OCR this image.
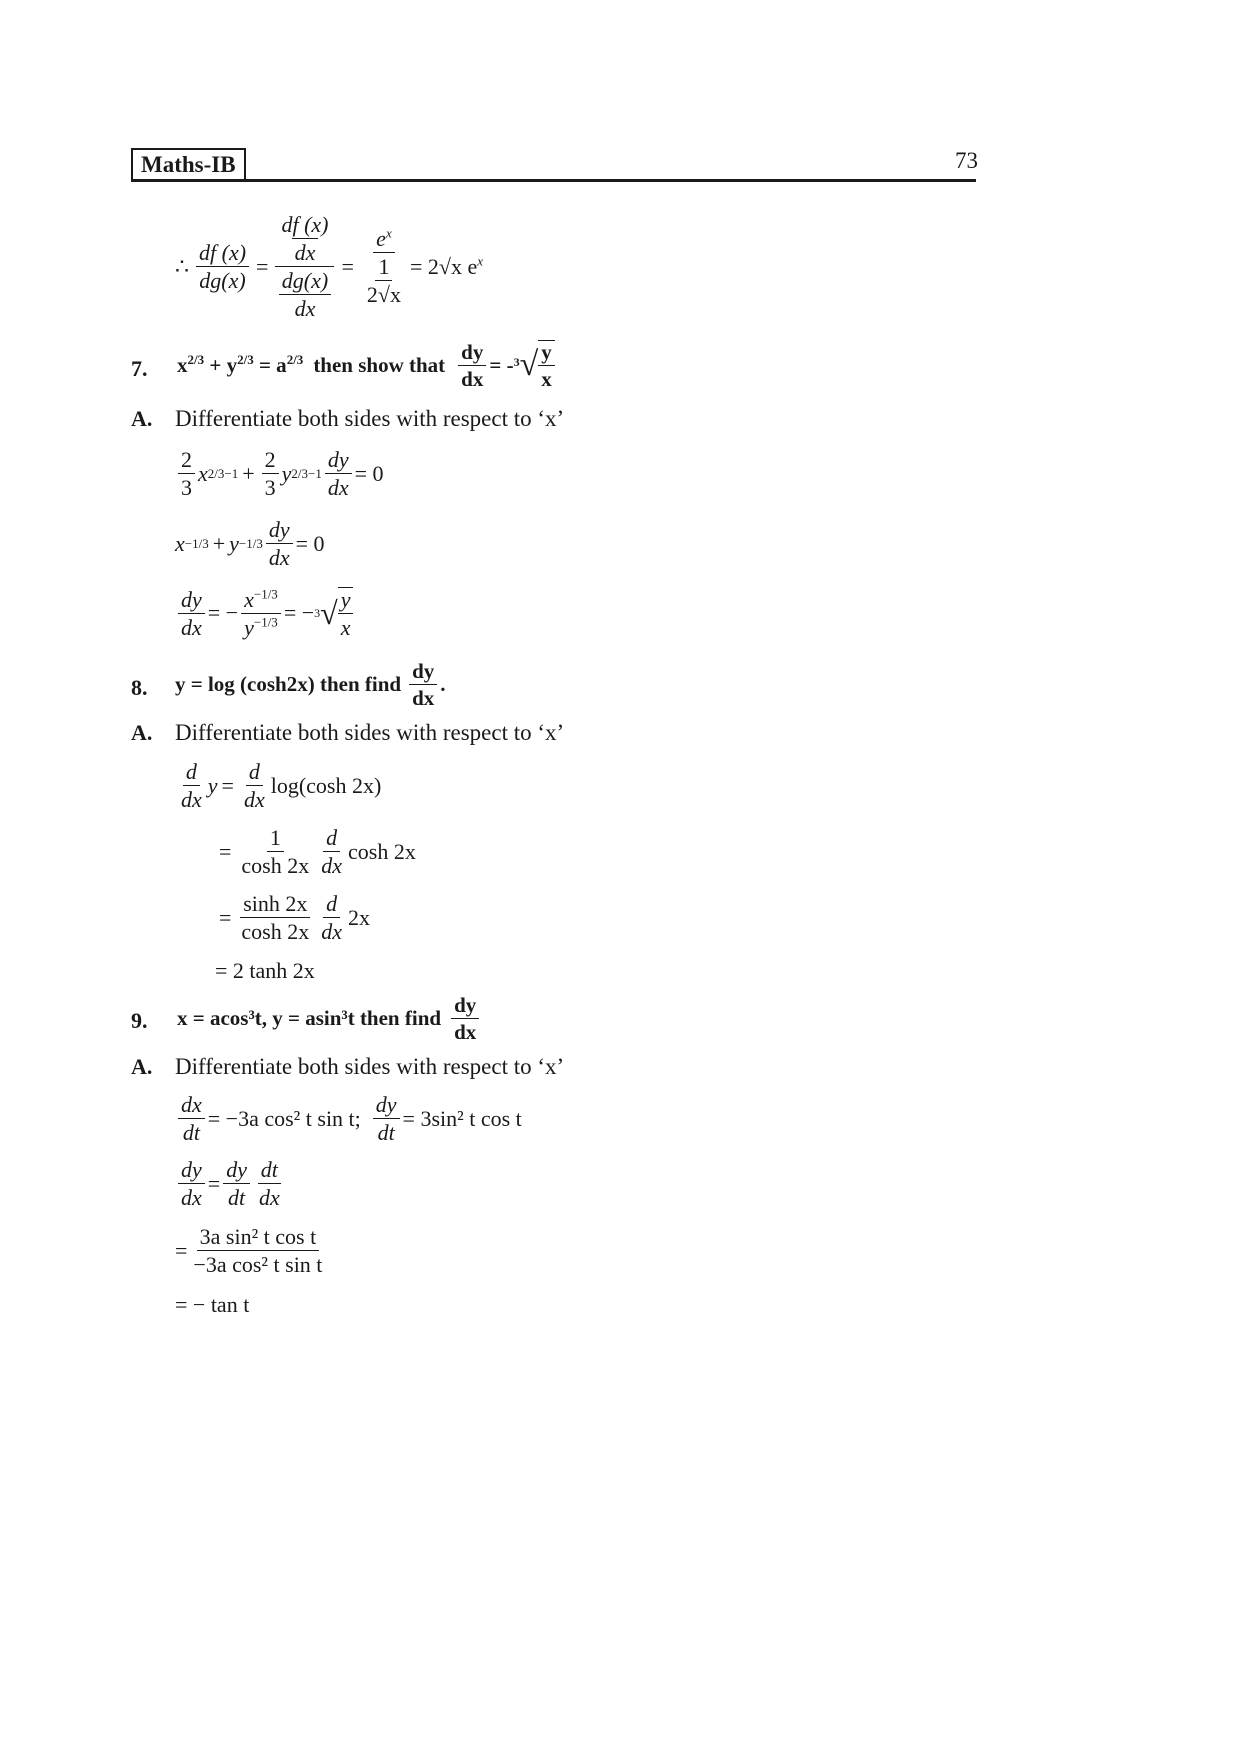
Maths-IB	73
∴ $\frac{df (x)}{dg(x)} = \frac{\frac{df (x)}{dx}}{\frac{dg(x)}{dx}} = \frac{e^x}{\frac{1}{2√x}} = 2√x$ $e^x$
7. $x^{2/3} + y^{2/3} = a^{2/3}$ then show that $\frac{dy}{dx}$ = - 3 √ $\frac{y}{x}$
A. Differentiate both sides with respect to ‘x’
$\frac{2}{3}$ x $2/3-1 + \frac{2}{3}$ y $2/3-1 \frac{dy}{dx} = 0$
$x -1/3 + y -1/3 \frac{dy}{dx} = 0$
$\frac{dy}{dx}$ = − $\frac{x^{-1/3}}{y^{-1/3}}$ = − 3 √ $\frac{y}{x}$
8. y = log (cosh2x) then find $\frac{dy}{dx}$ .
A. Differentiate both sides with respect to ‘x’
$\frac{d}{dx}$ $y = \frac{d}{dx} \log(\cosh$ 2x)
= $\frac{1}{\cosh 2x} \frac{d}{dx}$ cosh 2x
= $\frac{\sinh 2x}{\cosh 2x} \frac{d}{dx} 2x$
= 2 tanh 2x
9. x = acos³t, y = asin³t then find $\frac{dy}{dx}$
A. Differentiate both sides with respect to ‘x’
$\frac{dx}{dt} = -3a$ cos² t sin t; $\frac{dy}{dt} = 3\sin^2$ t cos t
$\frac{dy}{dx} = \frac{dy}{dt} \frac{dt}{dx}$
= $\frac{\text{3a sin² t cos t}}{\text{−3a cos² t sin t}}$
= − tan t
